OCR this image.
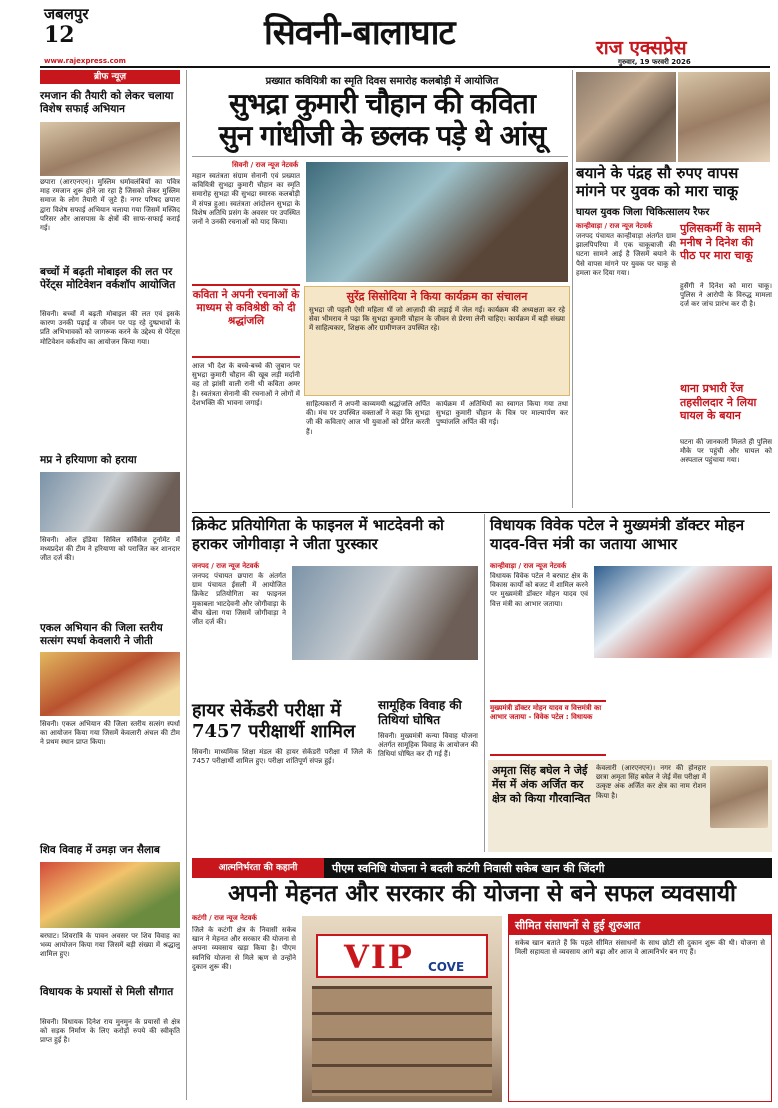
जबलपुर
12
www.rajexpress.com
सिवनी-बालाघाट	राज एक्सप्रेस
गुरुवार, 19 फरवरी 2026
ब्रीफ न्यूज़
रमजान की तैयारी को लेकर चलाया विशेष सफाई अभियान
छपारा (आरएनएन)। मुस्लिम धर्मावलंबियों का पवित्र माह रमजान शुरू होने जा रहा है जिसको लेकर मुस्लिम समाज के लोग तैयारी में जुटे हैं। नगर परिषद छपारा द्वारा विशेष सफाई अभियान चलाया गया जिसमें मस्जिद परिसर और आसपास के क्षेत्रों की साफ-सफाई कराई गई।
बच्चों में बढ़ती मोबाइल की लत पर पेरेंट्स मोटिवेशन वर्कशॉप आयोजित
सिवनी। बच्चों में बढ़ती मोबाइल की लत एवं इसके कारण उनकी पढ़ाई व जीवन पर पड़ रहे दुष्प्रभावों के प्रति अभिभावकों को जागरूक करने के उद्देश्य से पेरेंट्स मोटिवेशन वर्कशॉप का आयोजन किया गया।
मप्र ने हरियाणा को हराया
सिवनी। ऑल इंडिया सिविल सर्विसेज टूर्नामेंट में मध्यप्रदेश की टीम ने हरियाणा को पराजित कर शानदार जीत दर्ज की।
एकल अभियान की जिला स्तरीय सत्संग स्पर्धा केवलारी ने जीती
सिवनी। एकल अभियान की जिला स्तरीय सत्संग स्पर्धा का आयोजन किया गया जिसमें केवलारी अंचल की टीम ने प्रथम स्थान प्राप्त किया।
शिव विवाह में उमड़ा जन सैलाब
बरघाट। शिवरात्रि के पावन अवसर पर शिव विवाह का भव्य आयोजन किया गया जिसमें बड़ी संख्या में श्रद्धालु शामिल हुए।
विधायक के प्रयासों से मिली सौगात
सिवनी। विधायक दिनेश राय मुनमुन के प्रयासों से क्षेत्र को सड़क निर्माण के लिए करोड़ों रुपये की स्वीकृति प्राप्त हुई है।
प्रख्यात कवियित्री का स्मृति दिवस समारोह कलबोड़ी में आयोजित
सुभद्रा कुमारी चौहान की कविता
सुन गांधीजी के छलक पड़े थे आंसू
सिवनी / राज न्यूज नेटवर्क
महान स्वतंत्रता संग्राम सेनानी एवं प्रख्यात कवियित्री सुभद्रा कुमारी चौहान का स्मृति समारोह सुभद्रा की सुभद्रा स्मारक कलबोड़ी में संपन्न हुआ। स्वतंत्रता आंदोलन सुभद्रा के विशेष अतिथि प्रसंग के अवसर पर उपस्थित जनों ने उनकी रचनाओं को याद किया।
कविता ने अपनी रचनाओं के माध्यम से कविश्रेष्ठी को दी श्रद्धांजलि
आज भी देश के बच्चे-बच्चे की जुबान पर सुभद्रा कुमारी चौहान की खूब लड़ी मर्दानी वह तो झांसी वाली रानी थी कविता अमर है। स्वतंत्रता सेनानी की रचनाओं ने लोगों में देशभक्ति की भावना जगाई।
सुरेंद्र सिसोदिया ने किया कार्यक्रम का संचालन
सुभद्रा जी पहली ऐसी महिला थीं जो आज़ादी की लड़ाई में जेल गईं। कार्यक्रम की अध्यक्षता कर रहे सेवा भीमराव ने पढ़ा कि सुभद्रा कुमारी चौहान के जीवन से प्रेरणा लेनी चाहिए। कार्यक्रम में बड़ी संख्या में साहित्यकार, शिक्षक और ग्रामीणजन उपस्थित रहे।
साहित्यकारों ने अपनी काव्यमयी श्रद्धांजलि अर्पित की। मंच पर उपस्थित वक्ताओं ने कहा कि सुभद्रा जी की कविताएं आज भी युवाओं को प्रेरित करती हैं।
कार्यक्रम में अतिथियों का स्वागत किया गया तथा सुभद्रा कुमारी चौहान के चित्र पर माल्यार्पण कर पुष्पांजलि अर्पित की गई।
बयाने के पंद्रह सौ रुपए वापस मांगने पर युवक को मारा चाकू
घायल युवक जिला चिकित्सालय रैफर
कान्हीवाड़ा / राज न्यूज नेटवर्क
जनपद पंचायत कान्हीवाड़ा अंतर्गत ग्राम झालपिपरिया में एक चाकूबाजी की घटना सामने आई है जिसमें बयाने के पैसे वापस मांगने पर युवक पर चाकू से हमला कर दिया गया।
पुलिसकर्मी के सामने मनीष ने दिनेश की पीठ पर मारा चाकू
हुसैंगी ने दिनेश को मारा चाकू। पुलिस ने आरोपी के विरुद्ध मामला दर्ज कर जांच प्रारंभ कर दी है।
थाना प्रभारी रेंज तहसीलदार ने लिया घायल के बयान
घटना की जानकारी मिलते ही पुलिस मौके पर पहुंची और घायल को अस्पताल पहुंचाया गया।
क्रिकेट प्रतियोगिता के फाइनल में भाटदेवनी को हराकर जोगीवाड़ा ने जीता पुरस्कार
जनपद / राज न्यूज नेटवर्क
जनपद पंचायत छपारा के अंतर्गत ग्राम पंचायत ईसली में आयोजित क्रिकेट प्रतियोगिता का फाइनल मुकाबला भाटदेवनी और जोगीवाड़ा के बीच खेला गया जिसमें जोगीवाड़ा ने जीत दर्ज की।
हायर सेकेंडरी परीक्षा में 7457 परीक्षार्थी शामिल
सिवनी। माध्यमिक शिक्षा मंडल की हायर सेकेंडरी परीक्षा में जिले के 7457 परीक्षार्थी शामिल हुए। परीक्षा शांतिपूर्ण संपन्न हुई।
सामूहिक विवाह की तिथियां घोषित
सिवनी। मुख्यमंत्री कन्या विवाह योजना अंतर्गत सामूहिक विवाह के आयोजन की तिथियां घोषित कर दी गई हैं।
विधायक विवेक पटेल ने मुख्यमंत्री डॉक्टर मोहन यादव-वित्त मंत्री का जताया आभार
कान्हीवाड़ा / राज न्यूज नेटवर्क
विधायक विवेक पटेल ने बरघाट क्षेत्र के विकास कार्यों को बजट में शामिल करने पर मुख्यमंत्री डॉक्टर मोहन यादव एवं वित्त मंत्री का आभार जताया।
मुख्यमंत्री डॉक्टर मोहन यादव व वित्तमंत्री का आभार जताया - विवेक पटेल : विधायक
अमृता सिंह बघेल ने जेई मेंस में अंक अर्जित कर क्षेत्र को किया गौरवान्वित
केवलारी (आरएनएन)। नगर की होनहार छात्रा अमृता सिंह बघेल ने जेई मेंस परीक्षा में उत्कृष्ट अंक अर्जित कर क्षेत्र का नाम रोशन किया है।
आत्मनिर्भरता की कहानी	पीएम स्वनिधि योजना ने बदली कटंगी निवासी सकेब खान की जिंदगी
अपनी मेहनत और सरकार की योजना से बने सफल व्यवसायी
कटंगी / राज न्यूज नेटवर्क
जिले के कटंगी क्षेत्र के निवासी सकेब खान ने मेहनत और सरकार की योजना से अपना व्यवसाय खड़ा किया है। पीएम स्वनिधि योजना से मिले ऋण से उन्होंने दुकान शुरू की।	VIP COVE
सीमित संसाधनों से हुई शुरुआत
सकेब खान बताते हैं कि पहले सीमित संसाधनों के साथ छोटी सी दुकान शुरू की थी। योजना से मिली सहायता से व्यवसाय आगे बढ़ा और आज वे आत्मनिर्भर बन गए हैं।
